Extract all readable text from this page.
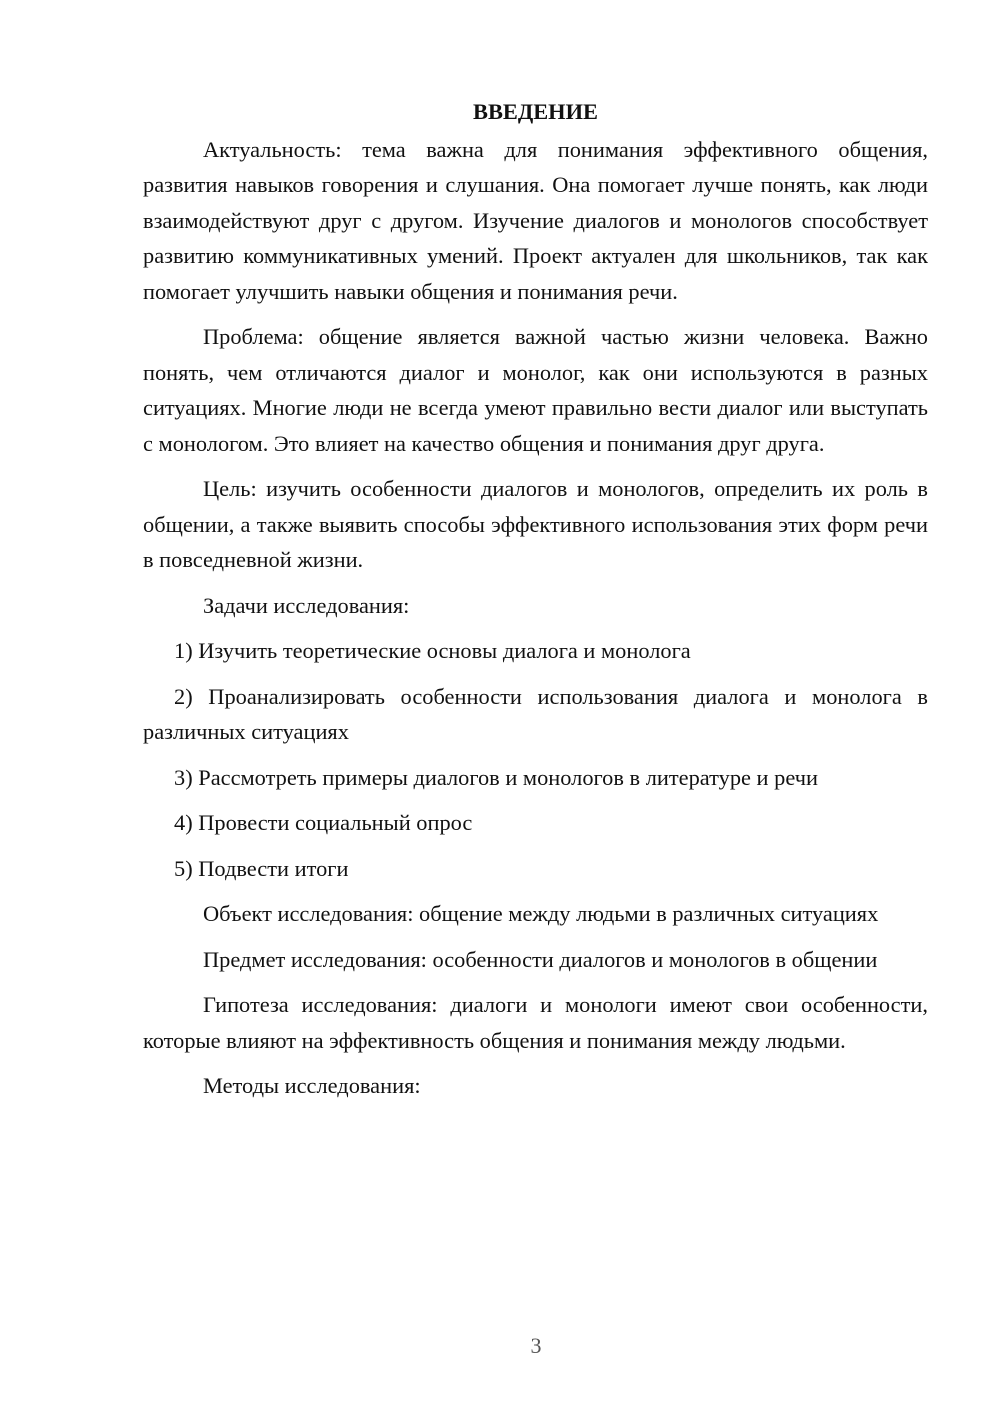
ВВЕДЕНИЕ

Актуальность: тема важна для понимания эффективного общения, развития навыков говорения и слушания. Она помогает лучше понять, как люди взаимодействуют друг с другом. Изучение диалогов и монологов способствует развитию коммуникативных умений. Проект актуален для школьников, так как помогает улучшить навыки общения и понимания речи.

Проблема: общение является важной частью жизни человека. Важно понять, чем отличаются диалог и монолог, как они используются в разных ситуациях. Многие люди не всегда умеют правильно вести диалог или выступать с монологом. Это влияет на качество общения и понимания друг друга.

Цель: изучить особенности диалогов и монологов, определить их роль в общении, а также выявить способы эффективного использования этих форм речи в повседневной жизни.

Задачи исследования:

1) Изучить теоретические основы диалога и монолога

2) Проанализировать особенности использования диалога и монолога в различных ситуациях

3) Рассмотреть примеры диалогов и монологов в литературе и речи

4) Провести социальный опрос

5) Подвести итоги

Объект исследования: общение между людьми в различных ситуациях

Предмет исследования: особенности диалогов и монологов в общении

Гипотеза исследования: диалоги и монологи имеют свои особенности, которые влияют на эффективность общения и понимания между людьми.

Методы исследования:

3
